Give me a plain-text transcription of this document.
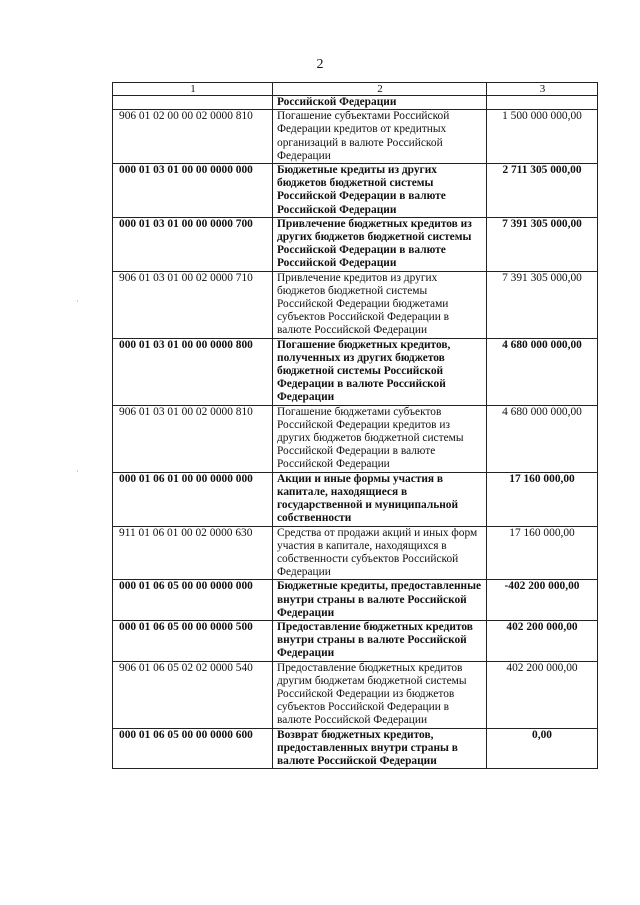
2
1	2	3
	Российской Федерации	
906 01 02 00 00 02 0000 810	Погашение субъектами Российской Федерации кредитов от кредитных организаций в валюте Российской Федерации	1 500 000 000,00
000 01 03 01 00 00 0000 000	Бюджетные кредиты из других бюджетов бюджетной системы Российской Федерации в валюте Российской Федерации	2 711 305 000,00
000 01 03 01 00 00 0000 700	Привлечение бюджетных кредитов из других бюджетов бюджетной системы Российской Федерации в валюте Российской Федерации	7 391 305 000,00
906 01 03 01 00 02 0000 710	Привлечение кредитов из других бюджетов бюджетной системы Российской Федерации бюджетами субъектов Российской Федерации в валюте Российской Федерации	7 391 305 000,00
000 01 03 01 00 00 0000 800	Погашение бюджетных кредитов, полученных из других бюджетов бюджетной системы Российской Федерации в валюте Российской Федерации	4 680 000 000,00
906 01 03 01 00 02 0000 810	Погашение бюджетами субъектов Российской Федерации кредитов из других бюджетов бюджетной системы Российской Федерации в валюте Российской Федерации	4 680 000 000,00
000 01 06 01 00 00 0000 000	Акции и иные формы участия в капитале, находящиеся в государственной и муниципальной собственности	17 160 000,00
911 01 06 01 00 02 0000 630	Средства от продажи акций и иных форм участия в капитале, находящихся в собственности субъектов Российской Федерации	17 160 000,00
000 01 06 05 00 00 0000 000	Бюджетные кредиты, предоставленные внутри страны в валюте Российской Федерации	-402 200 000,00
000 01 06 05 00 00 0000 500	Предоставление бюджетных кредитов внутри страны в валюте Российской Федерации	402 200 000,00
906 01 06 05 02 02 0000 540	Предоставление бюджетных кредитов другим бюджетам бюджетной системы Российской Федерации из бюджетов субъектов Российской Федерации в валюте Российской Федерации	402 200 000,00
000 01 06 05 00 00 0000 600	Возврат бюджетных кредитов, предоставленных внутри страны в валюте Российской Федерации	0,00
